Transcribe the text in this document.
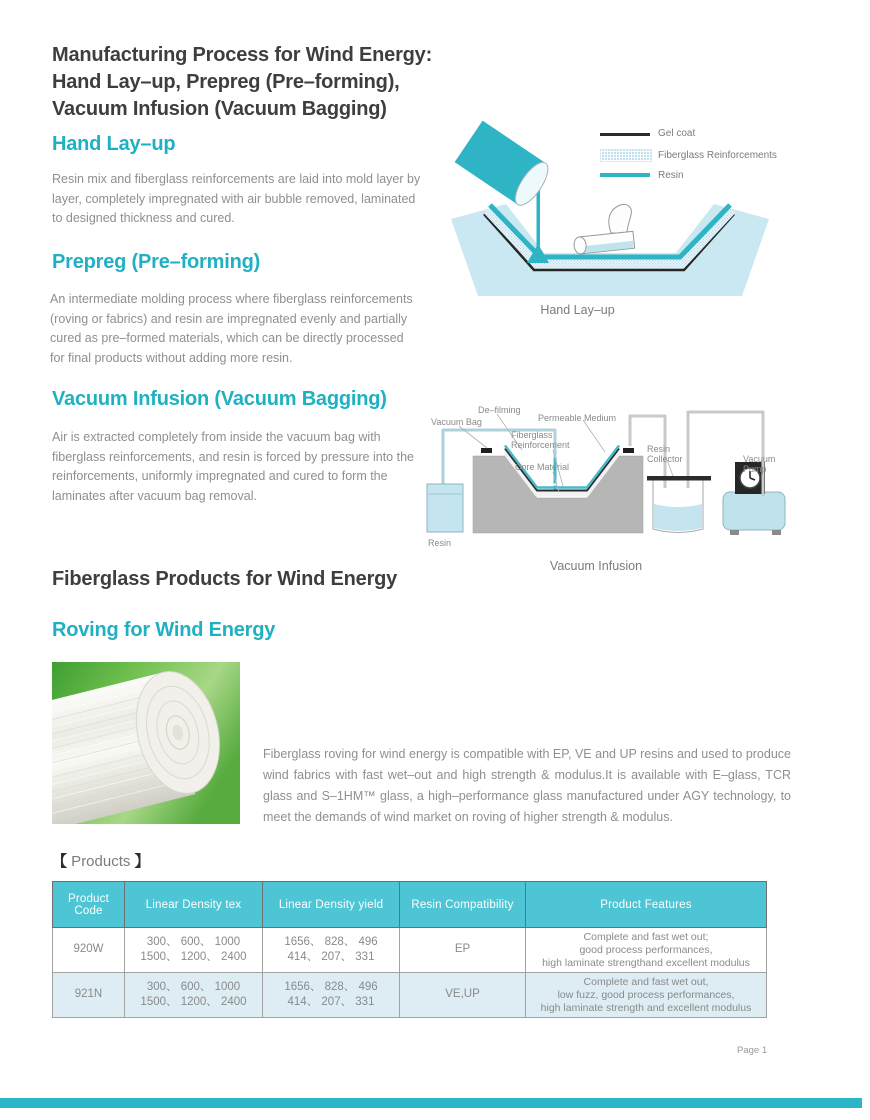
Manufacturing Process for Wind Energy:
Hand Lay–up, Prepreg (Pre–forming),
Vacuum Infusion (Vacuum Bagging)
Hand Lay–up
Resin mix and fiberglass reinforcements are laid into mold layer by
layer, completely impregnated with air bubble removed, laminated
to designed thickness and cured.
Gel coat
Fiberglass Reinforcements
Resin
Hand Lay–up
Prepreg (Pre–forming)
An intermediate molding process where fiberglass reinforcements
(roving or fabrics) and resin are impregnated evenly and partially
cured as pre–formed materials, which can be directly processed
for final products without adding more resin.
Vacuum Infusion (Vacuum Bagging)
Air is extracted completely from inside the vacuum bag with
fiberglass reinforcements, and resin is forced by pressure into the
reinforcements, uniformly impregnated and cured to form the
laminates after vacuum bag removal.
De–filming
Vacuum Bag	Permeable Medium
Fiberglass
Reinforcement
Core Material
Resin
Collector	Vacuum
Pump
Resin
Vacuum Infusion
Fiberglass Products for Wind Energy
Roving for Wind Energy
Fiberglass roving for wind energy is compatible with EP, VE and UP resins and used to produce wind fabrics with fast wet–out and high strength & modulus.It is available with E–glass, TCR glass and S–1HM™ glass, a high–performance glass manufactured under AGY technology, to meet the demands of wind market on roving of higher strength & modulus.
【 Products 】
Product Code	Linear Density tex	Linear Density yield	Resin Compatibility	Product Features
920W	300、 600、 1000
1500、 1200、 2400	1656、 828、 496
414、 207、 331	EP	Complete and fast wet out;
good process performances,
high laminate strengthand excellent modulus
921N	300、 600、 1000
1500、 1200、 2400	1656、 828、 496
414、 207、 331	VE,UP	Complete and fast wet out,
low fuzz, good process performances,
high laminate strength and excellent modulus
Page 1
